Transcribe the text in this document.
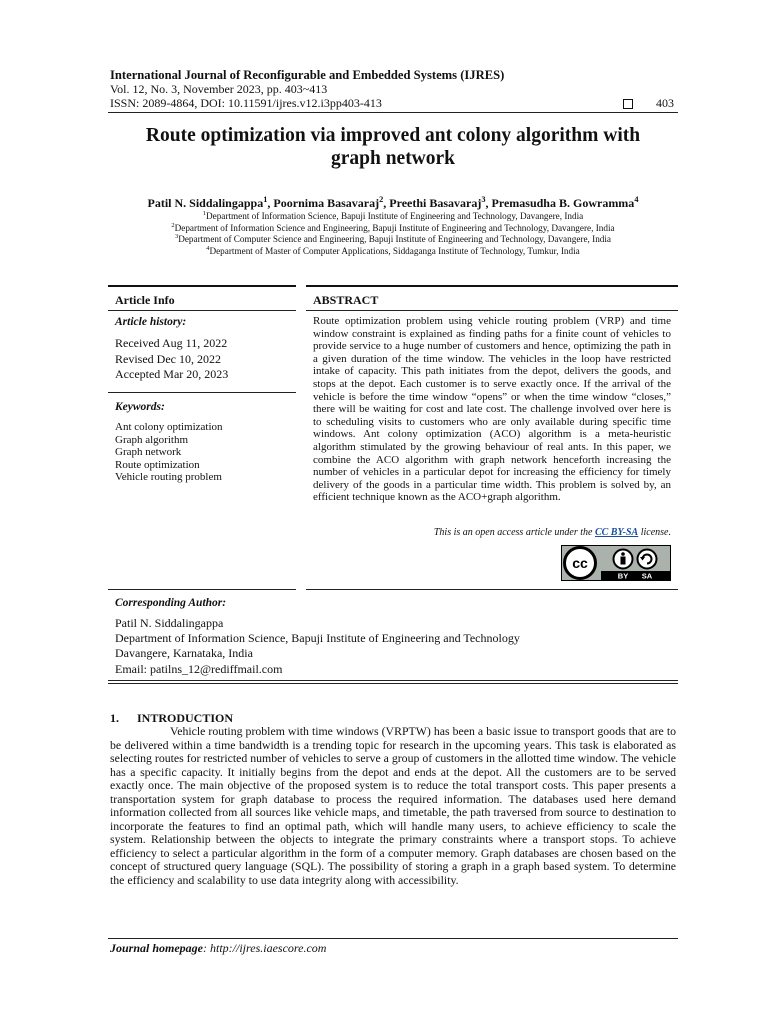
International Journal of Reconfigurable and Embedded Systems (IJRES)
Vol. 12, No. 3, November 2023, pp. 403~413
ISSN: 2089-4864, DOI: 10.11591/ijres.v12.i3pp403-413	403
Route optimization via improved ant colony algorithm with
graph network
Patil N. Siddalingappa$^1$, Poornima Basavaraj$^2$, Preethi Basavaraj$^3$, Premasudha B. Gowramma$^4$
$^1$Department of Information Science, Bapuji Institute of Engineering and Technology, Davangere, India
$^2$Department of Information Science and Engineering, Bapuji Institute of Engineering and Technology, Davangere, India
$^3$Department of Computer Science and Engineering, Bapuji Institute of Engineering and Technology, Davangere, India
$^4$Department of Master of Computer Applications, Siddaganga Institute of Technology, Tumkur, India
Article Info	ABSTRACT
Article history:
Received Aug 11, 2022
Revised Dec 10, 2022
Accepted Mar 20, 2023
Keywords:
Ant colony optimization
Graph algorithm
Graph network
Route optimization
Vehicle routing problem
Route optimization problem using vehicle routing problem (VRP) and time window constraint is explained as finding paths for a finite count of vehicles to provide service to a huge number of customers and hence, optimizing the path in a given duration of the time window. The vehicles in the loop have restricted intake of capacity. This path initiates from the depot, delivers the goods, and stops at the depot. Each customer is to serve exactly once. If the arrival of the vehicle is before the time window “opens” or when the time window “closes,” there will be waiting for cost and late cost. The challenge involved over here is to scheduling visits to customers who are only available during specific time windows. Ant colony optimization (ACO) algorithm is a meta-heuristic algorithm stimulated by the growing behaviour of real ants. In this paper, we combine the ACO algorithm with graph network henceforth increasing the number of vehicles in a particular depot for increasing the efficiency for timely delivery of the goods in a particular time width. This problem is solved by, an efficient technique known as the ACO+graph algorithm.
This is an open access article under the CC BY-SA license.
cc
BY SA
Corresponding Author:
Patil N. Siddalingappa
Department of Information Science, Bapuji Institute of Engineering and Technology
Davangere, Karnataka, India
Email: patilns_12@rediffmail.com
1.      INTRODUCTION
Vehicle routing problem with time windows (VRPTW) has been a basic issue to transport goods that are to be delivered within a time bandwidth is a trending topic for research in the upcoming years. This task is elaborated as selecting routes for restricted number of vehicles to serve a group of customers in the allotted time window. The vehicle has a specific capacity. It initially begins from the depot and ends at the depot. All the customers are to be served exactly once. The main objective of the proposed system is to reduce the total transport costs. This paper presents a transportation system for graph database to process the required information. The databases used here demand information collected from all sources like vehicle maps, and timetable, the path traversed from source to destination to incorporate the features to find an optimal path, which will handle many users, to achieve efficiency to scale the system. Relationship between the objects to integrate the primary constraints where a transport stops. To achieve efficiency to select a particular algorithm in the form of a computer memory. Graph databases are chosen based on the concept of structured query language (SQL). The possibility of storing a graph in a graph based system. To determine the efficiency and scalability to use data integrity along with accessibility.
Journal homepage: http://ijres.iaescore.com
